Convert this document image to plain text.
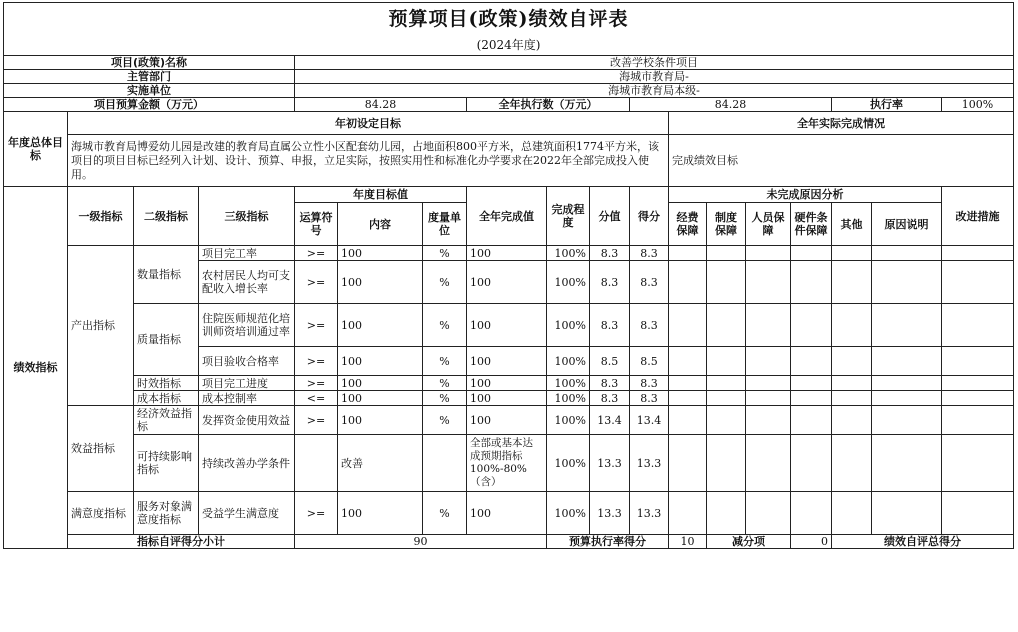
预算项目(政策)绩效自评表																		
(2024年度)																		
项目(政策)名称				改善学校条件项目														
主管部门				海城市教育局-														
实施单位				海城市教育局本级-														
项目预算金额（万元）				84.28			全年执行数（万元）			84.28					执行率		100%	
年度总体目标	年初设定目标										全年实际完成情况							
	海城市教育局博爱幼儿园是改建的教育局直属公立性小区配套幼儿园，占地面积800平方米，总建筑面积1774平方米，该项目的项目目标已经列入计划、设计、预算、申报，立足实际，按照实用性和标准化办学要求在2022年全部完成投入使用。										完成绩效目标							
绩效指标	一级指标	二级指标	三级指标	年度目标值			全年完成值	完成程度	分值	得分	未完成原因分析						改进措施	
				运算符号	内容	度量单位					经费保障	制度保障	人员保障	硬件条件保障	其他	原因说明		

	产出指标	数量指标	项目完工率	>=	100	%	100	100%	8.3	8.3								
			农村居民人均可支配收入增长率	>=	100	%	100	100%	8.3	8.3								
		质量指标	住院医师规范化培训师资培训通过率	>=	100	%	100	100%	8.3	8.3								
			项目验收合格率	>=	100	%	100	100%	8.5	8.5								
		时效指标	项目完工进度	>=	100	%	100	100%	8.3	8.3								
		成本指标	成本控制率	<=	100	%	100	100%	8.3	8.3								
	效益指标	经济效益指标	发挥资金使用效益	>=	100	%	100	100%	13.4	13.4								
		可持续影响指标	持续改善办学条件		改善		全部或基本达成预期指标100%-80%（含）	100%	13.3	13.3								
	满意度指标	服务对象满意度指标	受益学生满意度	>=	100	%	100	100%	13.3	13.3								
	指标自评得分小计			90				预算执行率得分			10	减分项		0	绩效自评总得分	
